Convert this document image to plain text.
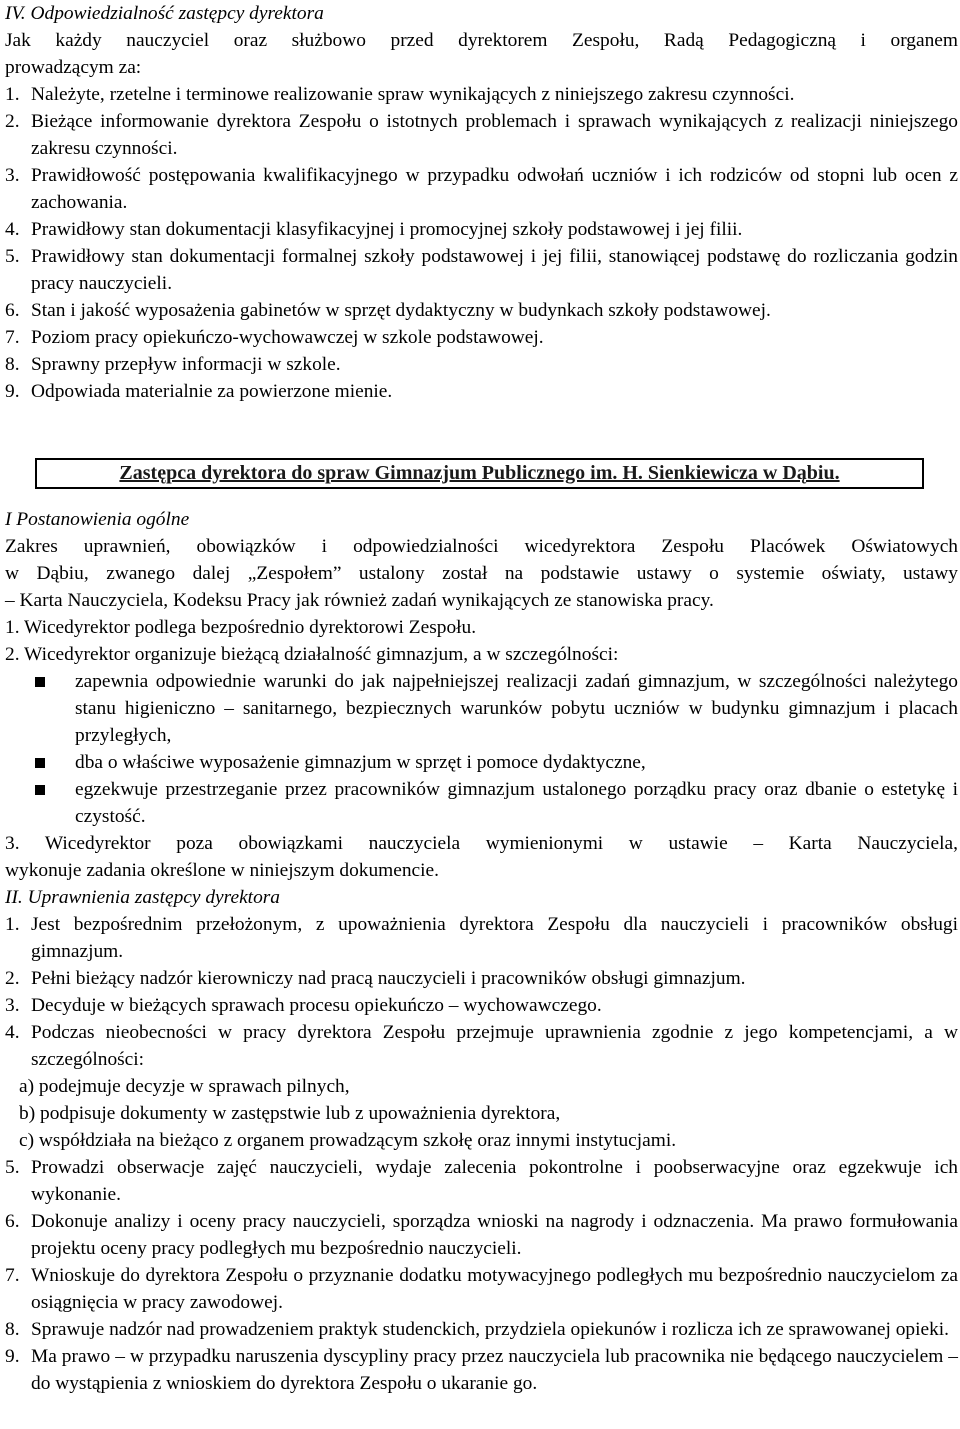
IV. Odpowiedzialność zastępcy dyrektora

Jak każdy nauczyciel oraz służbowo przed dyrektorem Zespołu, Radą Pedagogiczną i organem

prowadzącym za:

1. Należyte, rzetelne i terminowe realizowanie spraw wynikających z niniejszego zakresu czynności.
2. Bieżące informowanie dyrektora Zespołu o istotnych problemach i sprawach wynikających z realizacji niniejszego zakresu czynności.
3. Prawidłowość postępowania kwalifikacyjnego w przypadku odwołań uczniów i ich rodziców od stopni lub ocen z zachowania.
4. Prawidłowy stan dokumentacji klasyfikacyjnej i promocyjnej szkoły podstawowej i jej filii.
5. Prawidłowy stan dokumentacji formalnej szkoły podstawowej i jej filii, stanowiącej podstawę do rozliczania godzin pracy nauczycieli.
6. Stan i jakość wyposażenia gabinetów w sprzęt dydaktyczny w budynkach szkoły podstawowej.
7. Poziom pracy opiekuńczo-wychowawczej w szkole podstawowej.
8. Sprawny przepływ informacji w szkole.
9. Odpowiada materialnie za powierzone mienie.
Zastępca dyrektora do spraw Gimnazjum Publicznego im. H. Sienkiewicza w Dąbiu.

I Postanowienia ogólne

Zakres uprawnień, obowiązków i odpowiedzialności wicedyrektora Zespołu Placówek Oświatowych

w Dąbiu, zwanego dalej „Zespołem” ustalony został na podstawie ustawy o systemie oświaty, ustawy

– Karta Nauczyciela, Kodeksu Pracy jak również zadań wynikających ze stanowiska pracy.

1. Wicedyrektor podlega bezpośrednio dyrektorowi Zespołu.

2. Wicedyrektor organizuje bieżącą działalność gimnazjum, a w szczególności:

zapewnia odpowiednie warunki do jak najpełniejszej realizacji zadań gimnazjum, w szczególności należytego stanu higieniczno – sanitarnego, bezpiecznych warunków pobytu uczniów w budynku gimnazjum i placach przyległych,
dba o właściwe wyposażenie gimnazjum w sprzęt i pomoce dydaktyczne,
egzekwuje przestrzeganie przez pracowników gimnazjum ustalonego porządku pracy oraz dbanie o estetykę i czystość.

3. Wicedyrektor poza obowiązkami nauczyciela wymienionymi w ustawie – Karta Nauczyciela,

wykonuje zadania określone w niniejszym dokumencie.

II. Uprawnienia zastępcy dyrektora

1. Jest bezpośrednim przełożonym, z upoważnienia dyrektora Zespołu dla nauczycieli i pracowników obsługi gimnazjum.
2. Pełni bieżący nadzór kierowniczy nad pracą nauczycieli i pracowników obsługi gimnazjum.
3. Decyduje w bieżących sprawach procesu opiekuńczo – wychowawczego.
4. Podczas nieobecności w pracy dyrektora Zespołu przejmuje uprawnienia zgodnie z jego kompetencjami, a w szczególności:

a) podejmuje decyzje w sprawach pilnych,

b) podpisuje dokumenty w zastępstwie lub z upoważnienia dyrektora,

c) współdziała na bieżąco z organem prowadzącym szkołę oraz innymi instytucjami.

5. Prowadzi obserwacje zajęć nauczycieli, wydaje zalecenia pokontrolne i poobserwacyjne oraz egzekwuje ich wykonanie.
6. Dokonuje analizy i oceny pracy nauczycieli, sporządza wnioski na nagrody i odznaczenia. Ma prawo formułowania projektu oceny pracy podległych mu bezpośrednio nauczycieli.
7. Wnioskuje do dyrektora Zespołu o przyznanie dodatku motywacyjnego podległych mu bezpośrednio nauczycielom za osiągnięcia w pracy zawodowej.
8. Sprawuje nadzór nad prowadzeniem praktyk studenckich, przydziela opiekunów i rozlicza ich ze sprawowanej opieki.
9. Ma prawo – w przypadku naruszenia dyscypliny pracy przez nauczyciela lub pracownika nie będącego nauczycielem –do wystąpienia z wnioskiem do dyrektora Zespołu o ukaranie go.
